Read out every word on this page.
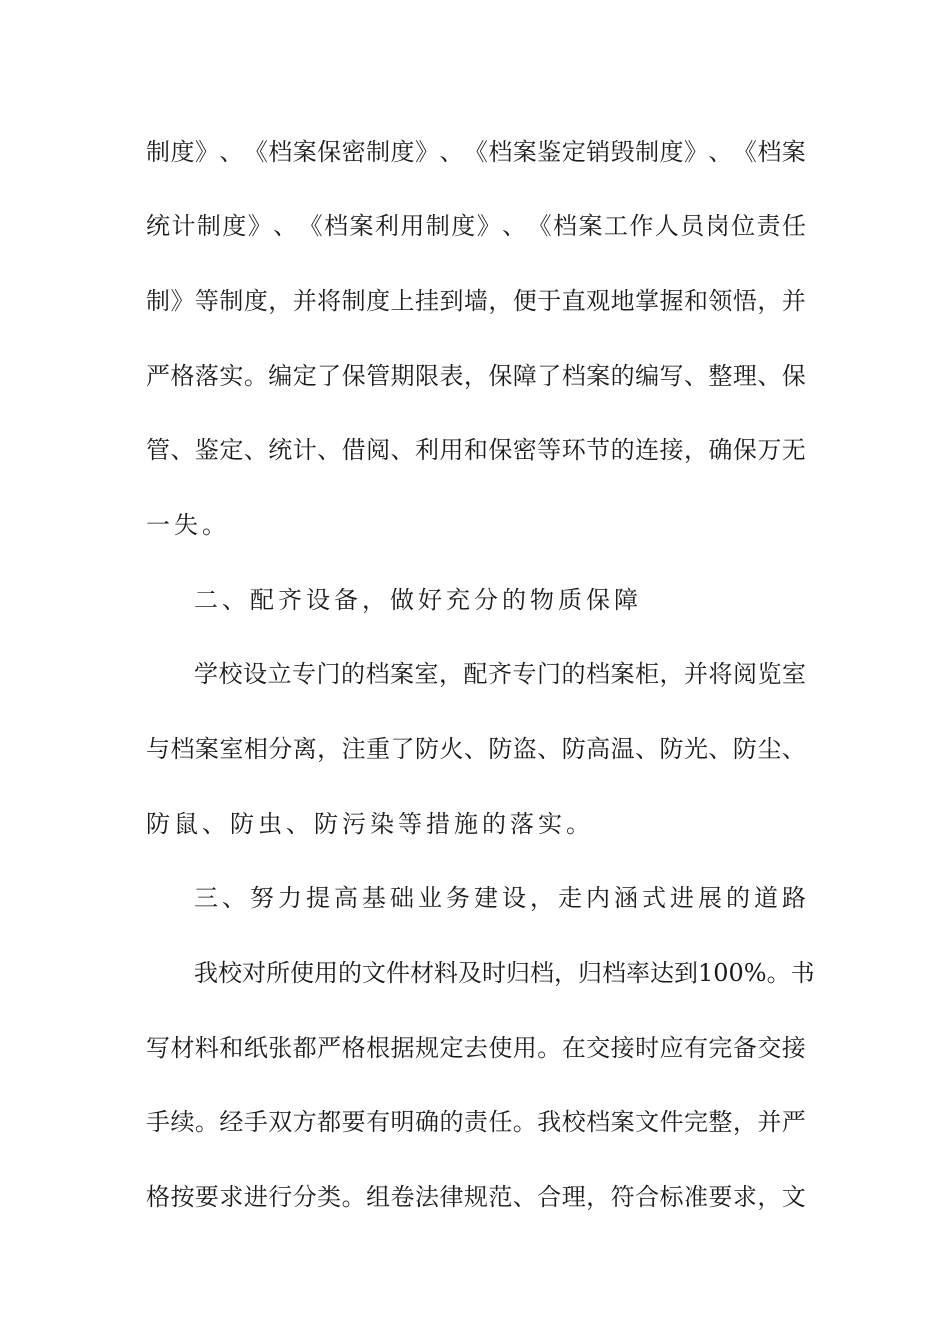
制 度 》 、 《 档 案 保 密 制 度 》 、 《 档 案 鉴 定 销 毁 制 度 》 、 《 档 案
统 计 制 度 》 、 《 档 案 利 用 制 度 》 、 《 档 案 工 作 人 员 岗 位 责 任
制 》 等 制 度 ， 并 将 制 度 上 挂 到 墙 ， 便 于 直 观 地 掌 握 和 领 悟 ， 并
严 格 落 实 。 编 定 了 保 管 期 限 表 ， 保 障 了 档 案 的 编 写 、 整 理 、 保
管 、 鉴 定 、 统 计 、 借 阅 、 利 用 和 保 密 等 环 节 的 连 接 ， 确 保 万 无
一失。
二、配齐设备，做好充分的物质保障
学 校 设 立 专 门 的 档 案 室 ， 配 齐 专 门 的 档 案 柜 ， 并 将 阅 览 室
与 档 案 室 相 分 离 ， 注 重 了 防 火 、 防 盗 、 防 高 温 、 防 光 、 防 尘 、
防鼠、防虫、防污染等措施的落实。
三、努力提高基础业务建设，走内涵式进展的道路
我 校 对 所 使 用 的 文 件 材 料 及 时 归 档 ， 归 档 率 达 到 100% 。 书
写 材 料 和 纸 张 都 严 格 根 据 规 定 去 使 用 。 在 交 接 时 应 有 完 备 交 接
手 续 。 经 手 双 方 都 要 有 明 确 的 责 任 。 我 校 档 案 文 件 完 整 ， 并 严
格 按 要 求 进 行 分 类 。 组 卷 法 律 规 范 、 合 理 ， 符 合 标 准 要 求 ， 文
